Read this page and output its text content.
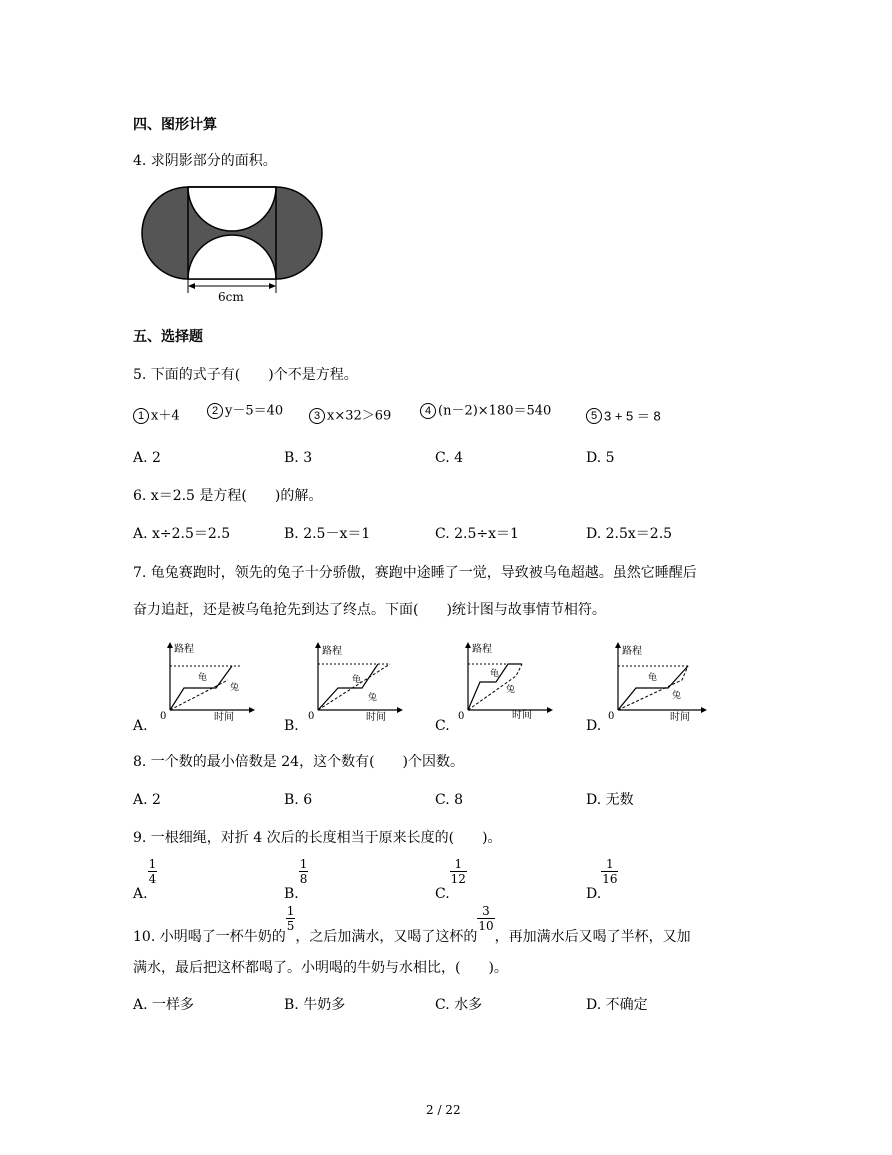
四、图形计算
4. 求阴影部分的面积。
6cm
五、选择题
5. 下面的式子有(　　)个不是方程。
1 x＋4	2 y－5＝40	3 x×32＞69	4 (n－2)×180＝540	5 3 + 5 ＝ 8
A. 2	B. 3	C. 4	D. 5
6. x＝2.5 是方程(　　)的解。
A. x÷2.5＝2.5	B. 2.5－x＝1	C. 2.5÷x＝1	D. 2.5x＝2.5
7. 龟兔赛跑时，领先的兔子十分骄傲，赛跑中途睡了一觉，导致被乌龟超越。虽然它睡醒后
奋力追赶，还是被乌龟抢先到达了终点。下面(　　)统计图与故事情节相符。
路程
时间
0
龟
兔
路程
时间
0
龟
兔
路程
时间
0
龟
兔
路程
时间
0
龟
兔
A.	B.	C.	D.
8. 一个数的最小倍数是 24，这个数有(　　)个因数。
A. 2	B. 6	C. 8	D. 无数
9. 一根细绳，对折 4 次后的长度相当于原来长度的(　　)。
A.
$\frac{1}{4}$
B.
$\frac{1}{8}$
C.
$\frac{1}{12}$
D.
$\frac{1}{16}$
10. 小明喝了一杯牛奶的
$\frac{1}{5}$
，之后加满水，又喝了这杯的
$\frac{3}{10}$
，再加满水后又喝了半杯，又加
满水，最后把这杯都喝了。小明喝的牛奶与水相比，(　　)。
A. 一样多	B. 牛奶多	C. 水多	D. 不确定
2 / 22
